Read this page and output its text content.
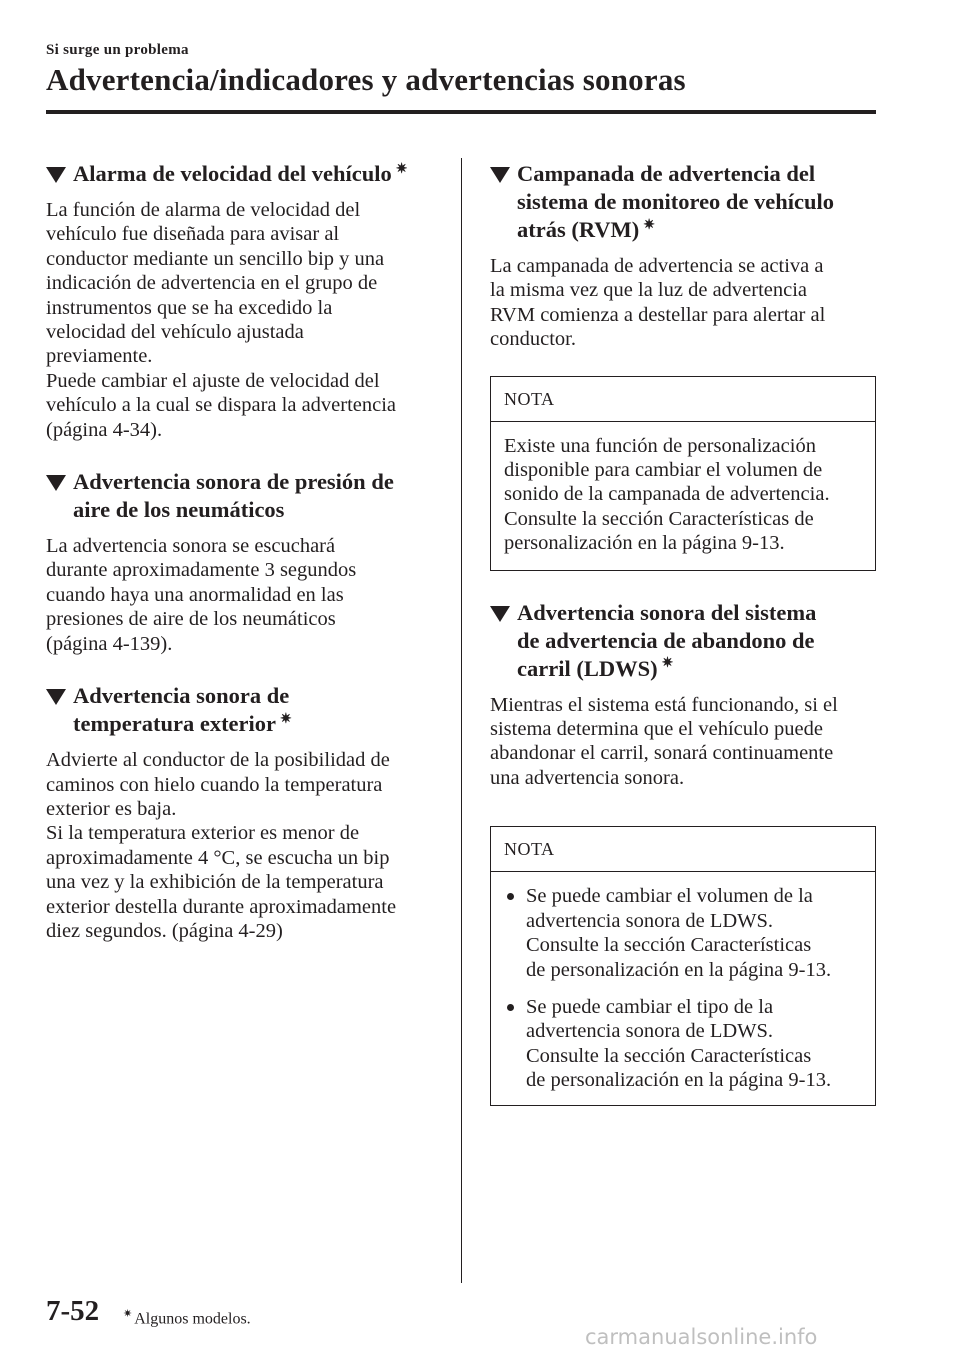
Si surge un problema
Advertencia/indicadores y advertencias sonoras
Alarma de velocidad del vehículo ✷

La función de alarma de velocidad del

vehículo fue diseñada para avisar al

conductor mediante un sencillo bip y una

indicación de advertencia en el grupo de

instrumentos que se ha excedido la

velocidad del vehículo ajustada

previamente.

Puede cambiar el ajuste de velocidad del

vehículo a la cual se dispara la advertencia

(página 4-34).

Advertencia sonora de presión de
aire de los neumáticos

La advertencia sonora se escuchará

durante aproximadamente 3 segundos

cuando haya una anormalidad en las

presiones de aire de los neumáticos

(página 4-139).

Advertencia sonora de
temperatura exterior ✷

Advierte al conductor de la posibilidad de

caminos con hielo cuando la temperatura

exterior es baja.

Si la temperatura exterior es menor de

aproximadamente 4 °C, se escucha un bip

una vez y la exhibición de la temperatura

exterior destella durante aproximadamente

diez segundos. (página 4-29)

Campanada de advertencia del
sistema de monitoreo de vehículo
atrás (RVM) ✷

La campanada de advertencia se activa a

la misma vez que la luz de advertencia

RVM comienza a destellar para alertar al

conductor.

NOTA

Existe una función de personalización

disponible para cambiar el volumen de

sonido de la campanada de advertencia.

Consulte la sección Características de

personalización en la página 9-13.

Advertencia sonora del sistema
de advertencia de abandono de
carril (LDWS) ✷

Mientras el sistema está funcionando, si el

sistema determina que el vehículo puede

abandonar el carril, sonará continuamente

una advertencia sonora.

NOTA

Se puede cambiar el volumen de la

advertencia sonora de LDWS.

Consulte la sección Características

de personalización en la página 9-13.

Se puede cambiar el tipo de la

advertencia sonora de LDWS.

Consulte la sección Características

de personalización en la página 9-13.

7-52 ✷ Algunos modelos.
carmanualsonline.info
